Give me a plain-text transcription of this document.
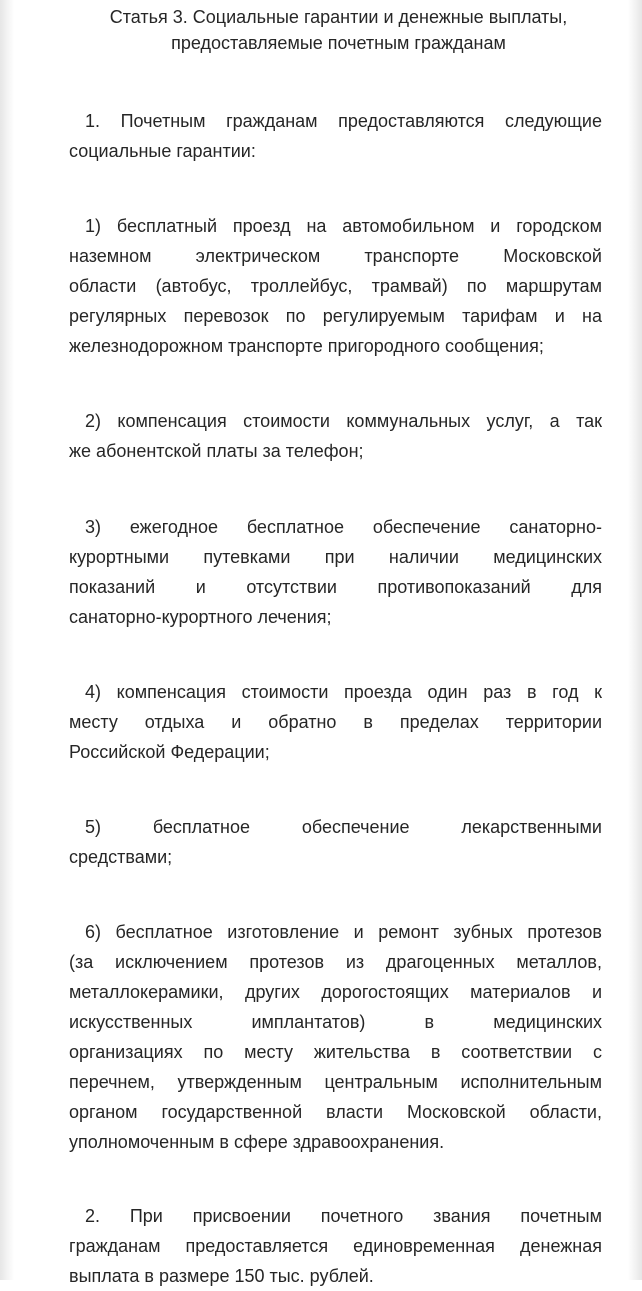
Статья 3. Социальные гарантии и денежные выплаты,
предоставляемые почетным гражданам

1. Почетным гражданам предоставляются следующие
социальные гарантии:

1) бесплатный проезд на автомобильном и городском
наземном электрическом транспорте Московской
области (автобус, троллейбус, трамвай) по маршрутам
регулярных перевозок по регулируемым тарифам и на
железнодорожном транспорте пригородного сообщения;

2) компенсация стоимости коммунальных услуг, а так
же абонентской платы за телефон;

3) ежегодное бесплатное обеспечение санаторно-
курортными путевками при наличии медицинских
показаний и отсутствии противопоказаний для
санаторно-курортного лечения;

4) компенсация стоимости проезда один раз в год к
месту отдыха и обратно в пределах территории
Российской Федерации;

5) бесплатное обеспечение лекарственными
средствами;

6) бесплатное изготовление и ремонт зубных протезов
(за исключением протезов из драгоценных металлов,
металлокерамики, других дорогостоящих материалов и
искусственных имплантатов) в медицинских
организациях по месту жительства в соответствии с
перечнем, утвержденным центральным исполнительным
органом государственной власти Московской области,
уполномоченным в сфере здравоохранения.

2. При присвоении почетного звания почетным
гражданам предоставляется единовременная денежная
выплата в размере 150 тыс. рублей.
